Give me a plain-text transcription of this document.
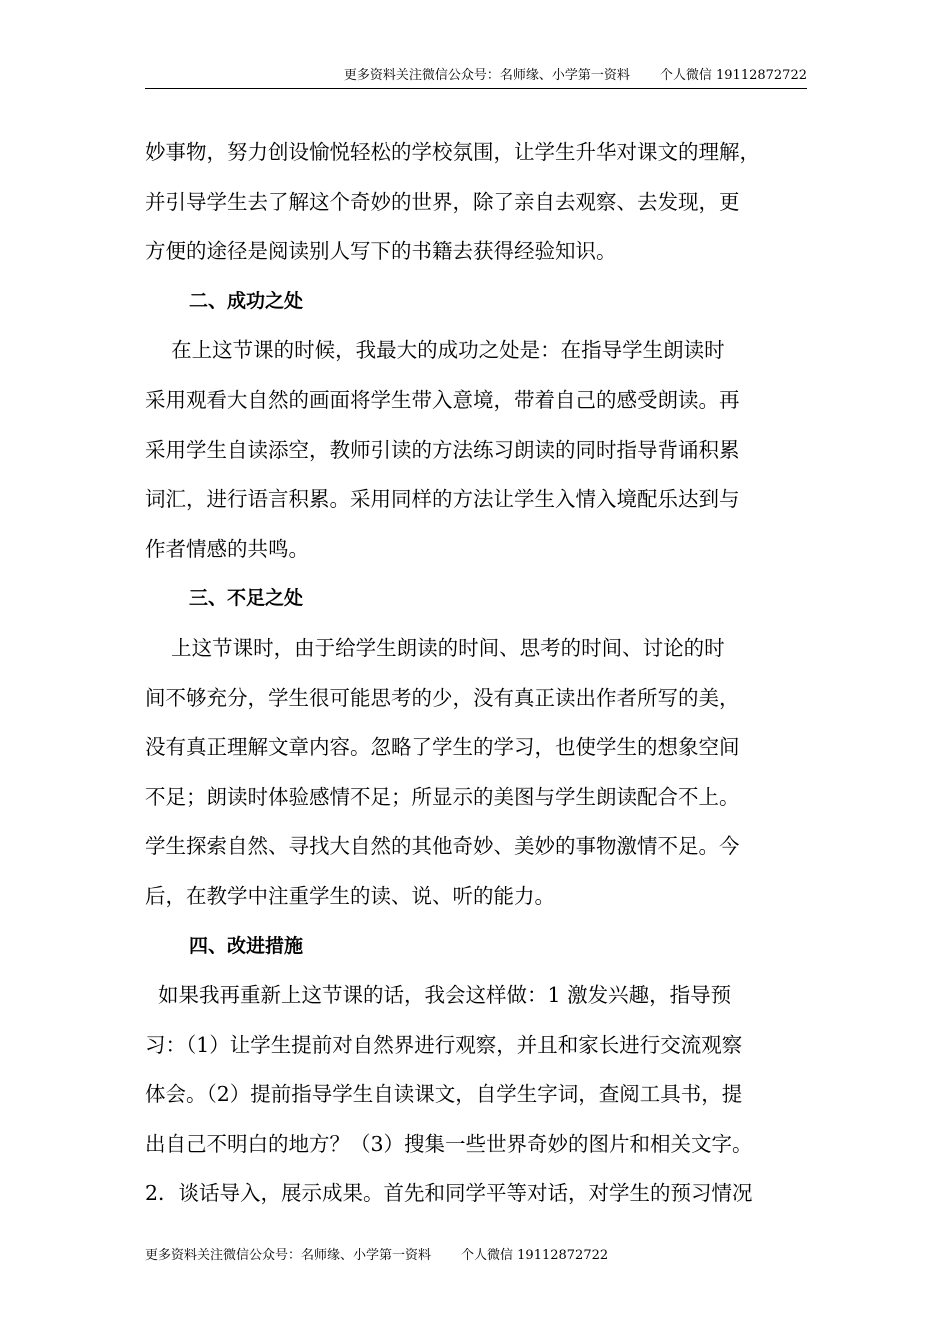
更多资料关注微信公众号：名师缘、小学第一资料 个人微信 19112872722

妙事物，努力创设愉悦轻松的学校氛围，让学生升华对课文的理解，

并引导学生去了解这个奇妙的世界，除了亲自去观察、去发现，更

方便的途径是阅读别人写下的书籍去获得经验知识。

二、成功之处

在上这节课的时候，我最大的成功之处是：在指导学生朗读时

采用观看大自然的画面将学生带入意境，带着自己的感受朗读。再

采用学生自读添空，教师引读的方法练习朗读的同时指导背诵积累

词汇，进行语言积累。采用同样的方法让学生入情入境配乐达到与

作者情感的共鸣。

三、不足之处

上这节课时，由于给学生朗读的时间、思考的时间、讨论的时

间不够充分，学生很可能思考的少，没有真正读出作者所写的美，

没有真正理解文章内容。忽略了学生的学习，也使学生的想象空间

不足；朗读时体验感情不足；所显示的美图与学生朗读配合不上。

学生探索自然、寻找大自然的其他奇妙、美妙的事物激情不足。今

后，在教学中注重学生的读、说、听的能力。

四、改进措施

如果我再重新上这节课的话，我会这样做：1 激发兴趣，指导预

习：（1）让学生提前对自然界进行观察，并且和家长进行交流观察

体会。（2）提前指导学生自读课文，自学生字词，查阅工具书，提

出自己不明白的地方？（3）搜集一些世界奇妙的图片和相关文字。

2．谈话导入，展示成果。首先和同学平等对话，对学生的预习情况

更多资料关注微信公众号：名师缘、小学第一资料 个人微信 19112872722
